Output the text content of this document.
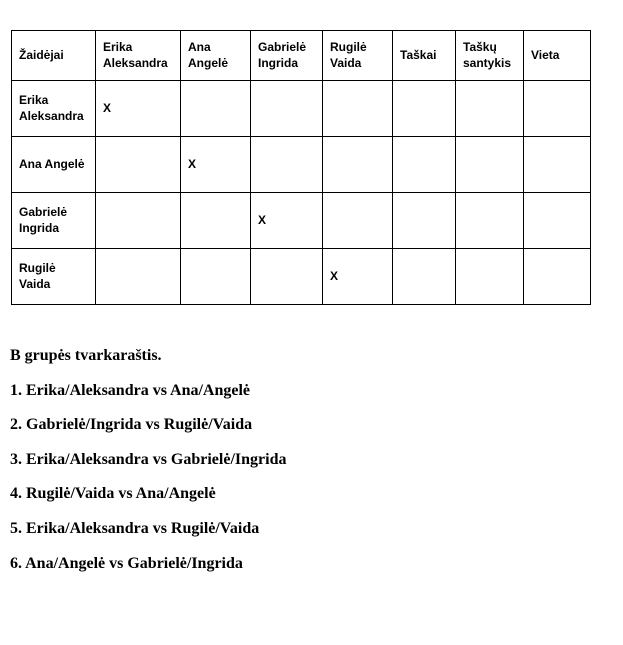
Žaidėjai	Erika Aleksandra	Ana Angelė	Gabrielė Ingrida	Rugilė Vaida	Taškai	Taškų santykis	Vieta
Erika Aleksandra	X						
Ana Angelė		X					
Gabrielė Ingrida			X				
Rugilė Vaida				X			

B grupės tvarkaraštis.

1. Erika/Aleksandra vs Ana/Angelė

2. Gabrielė/Ingrida vs Rugilė/Vaida

3. Erika/Aleksandra vs Gabrielė/Ingrida

4. Rugilė/Vaida vs Ana/Angelė

5. Erika/Aleksandra vs Rugilė/Vaida

6. Ana/Angelė vs Gabrielė/Ingrida
